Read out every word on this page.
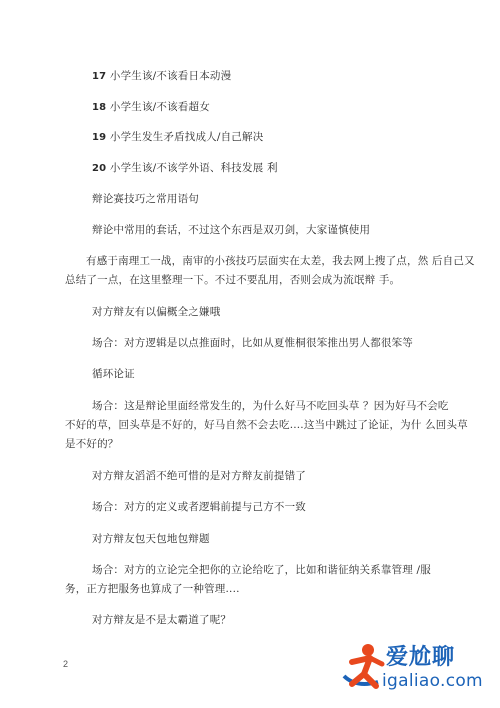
17 小学生该/不该看日本动漫
18 小学生该/不该看超女
19 小学生发生矛盾找成人/自己解决
20 小学生该/不该学外语、科技发展 利
辩论赛技巧之常用语句
辩论中常用的套话，不过这个东西是双刃剑，大家谨慎使用
有感于南理工一战，南审的小孩技巧层面实在太差，我去网上搜了点，然 后自己又
总结了一点，在这里整理一下。不过不要乱用，否则会成为流氓辩 手。
对方辩友有以偏概全之嫌哦
场合：对方逻辑是以点推面时，比如从夏惟桐很笨推出男人都很笨等
循环论证
场合：这是辩论里面经常发生的，为什么好马不吃回头草 ？因为好马不会吃
不好的草，回头草是不好的，好马自然不会去吃....这当中跳过了论证，为什 么回头草
是不好的？
对方辩友滔滔不绝可惜的是对方辩友前提错了
场合：对方的定义或者逻辑前提与己方不一致
对方辩友包天包地包辩题
场合：对方的立论完全把你的立论给吃了，比如和谐征纳关系靠管理 /服
务，正方把服务也算成了一种管理....
对方辩友是不是太霸道了呢？
2	爱尬聊
igaliao.com
